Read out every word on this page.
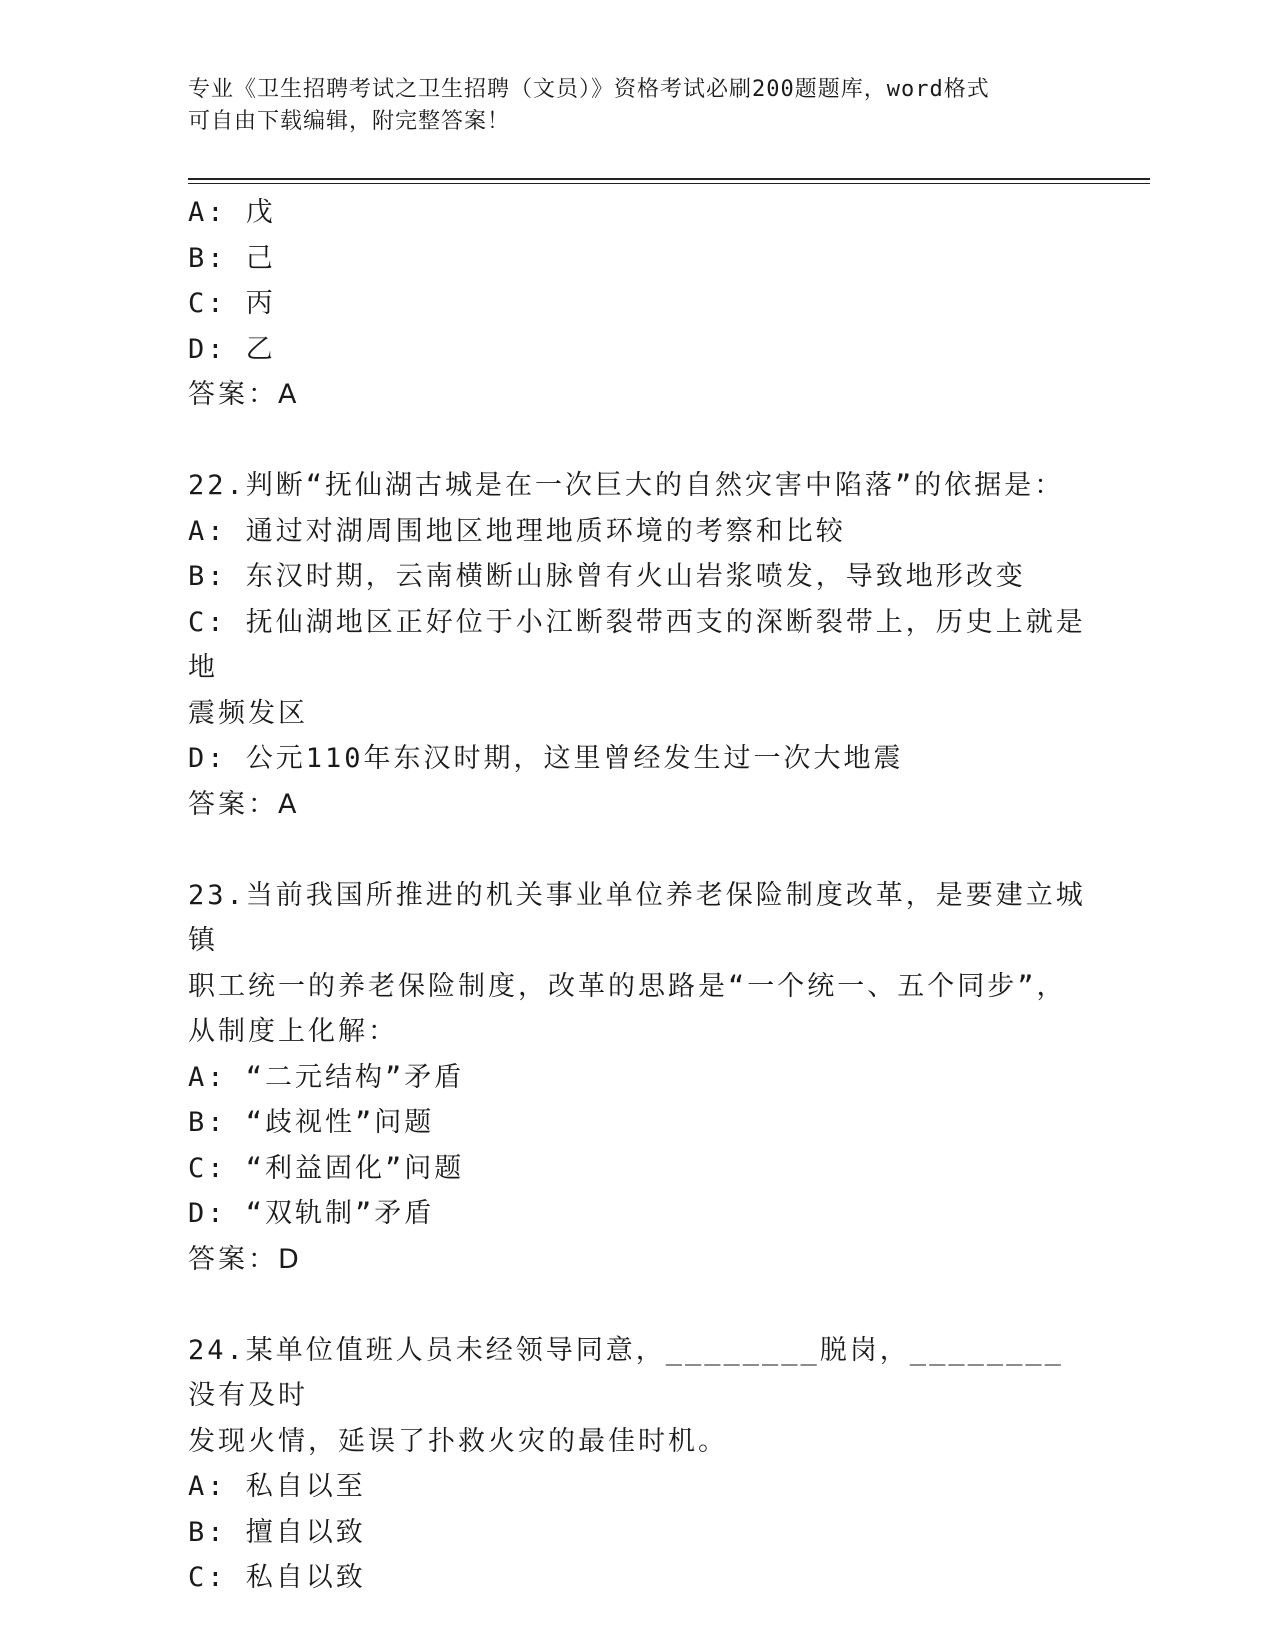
专业《卫生招聘考试之卫生招聘（文员）》资格考试必刷200题题库，word格式
可自由下载编辑，附完整答案！
A: 戊
B: 己
C: 丙
D: 乙
答案：A
22.判断“抚仙湖古城是在一次巨大的自然灾害中陷落”的依据是：
A: 通过对湖周围地区地理地质环境的考察和比较
B: 东汉时期，云南横断山脉曾有火山岩浆喷发，导致地形改变
C: 抚仙湖地区正好位于小江断裂带西支的深断裂带上，历史上就是地
震频发区
D: 公元110年东汉时期，这里曾经发生过一次大地震
答案：A
23.当前我国所推进的机关事业单位养老保险制度改革，是要建立城镇
职工统一的养老保险制度，改革的思路是“一个统一、五个同步”，
从制度上化解：
A: “二元结构”矛盾
B: “歧视性”问题
C: “利益固化”问题
D: “双轨制”矛盾
答案：D
24.某单位值班人员未经领导同意，________脱岗，________没有及时
发现火情，延误了扑救火灾的最佳时机。
A: 私自以至
B: 擅自以致
C: 私自以致
